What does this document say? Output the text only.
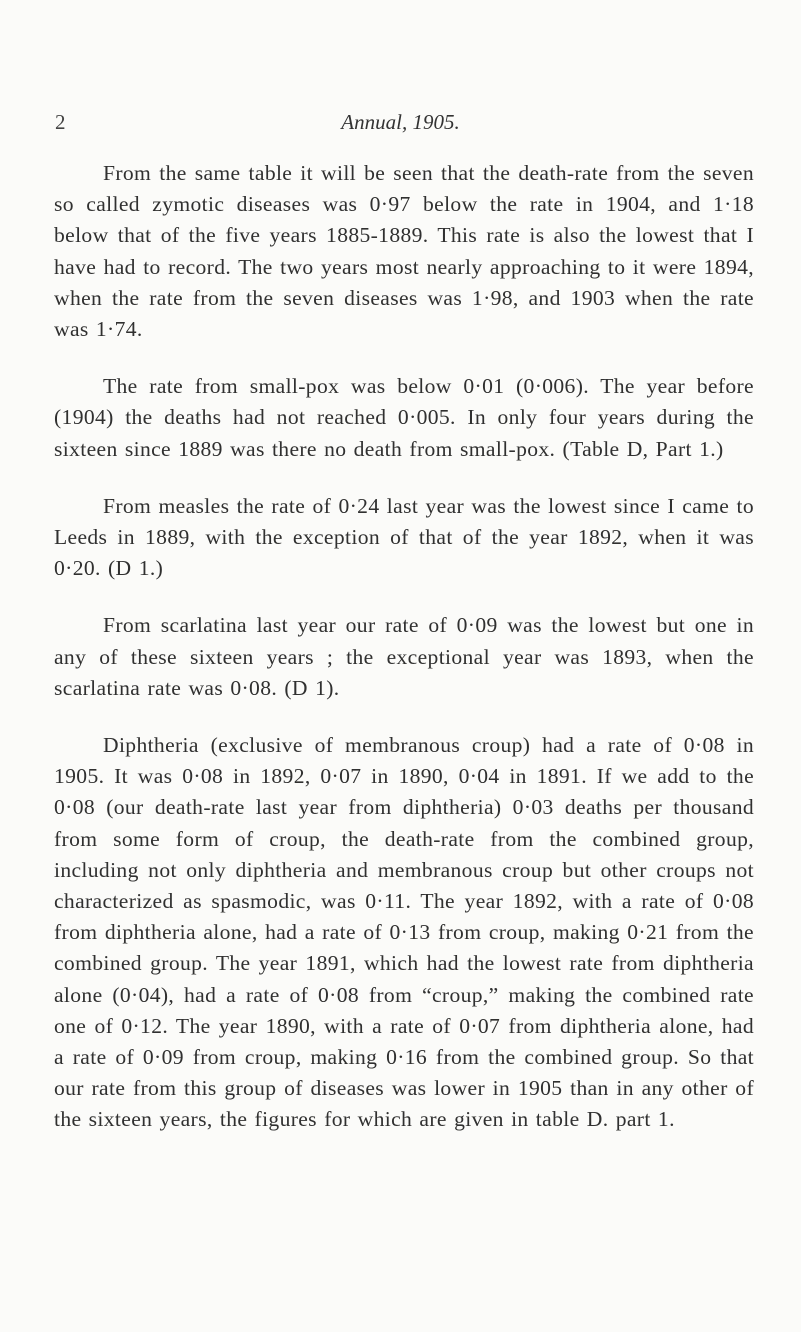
2	Annual, 1905.

From the same table it will be seen that the death-rate from the seven so called zymotic diseases was 0·97 below the rate in 1904, and 1·18 below that of the five years 1885-1889. This rate is also the lowest that I have had to record. The two years most nearly approaching to it were 1894, when the rate from the seven diseases was 1·98, and 1903 when the rate was 1·74.

The rate from small-pox was below 0·01 (0·006). The year before (1904) the deaths had not reached 0·005. In only four years during the sixteen since 1889 was there no death from small-pox. (Table D, Part 1.)

From measles the rate of 0·24 last year was the lowest since I came to Leeds in 1889, with the exception of that of the year 1892, when it was 0·20. (D 1.)

From scarlatina last year our rate of 0·09 was the lowest but one in any of these sixteen years ; the exceptional year was 1893, when the scarlatina rate was 0·08. (D 1).

Diphtheria (exclusive of membranous croup) had a rate of 0·08 in 1905. It was 0·08 in 1892, 0·07 in 1890, 0·04 in 1891. If we add to the 0·08 (our death-rate last year from diphtheria) 0·03 deaths per thousand from some form of croup, the death-rate from the combined group, including not only diphtheria and membranous croup but other croups not characterized as spasmodic, was 0·11. The year 1892, with a rate of 0·08 from diphtheria alone, had a rate of 0·13 from croup, making 0·21 from the combined group. The year 1891, which had the lowest rate from diphtheria alone (0·04), had a rate of 0·08 from “croup,” making the combined rate one of 0·12. The year 1890, with a rate of 0·07 from diphtheria alone, had a rate of 0·09 from croup, making 0·16 from the combined group. So that our rate from this group of diseases was lower in 1905 than in any other of the sixteen years, the figures for which are given in table D. part 1.
